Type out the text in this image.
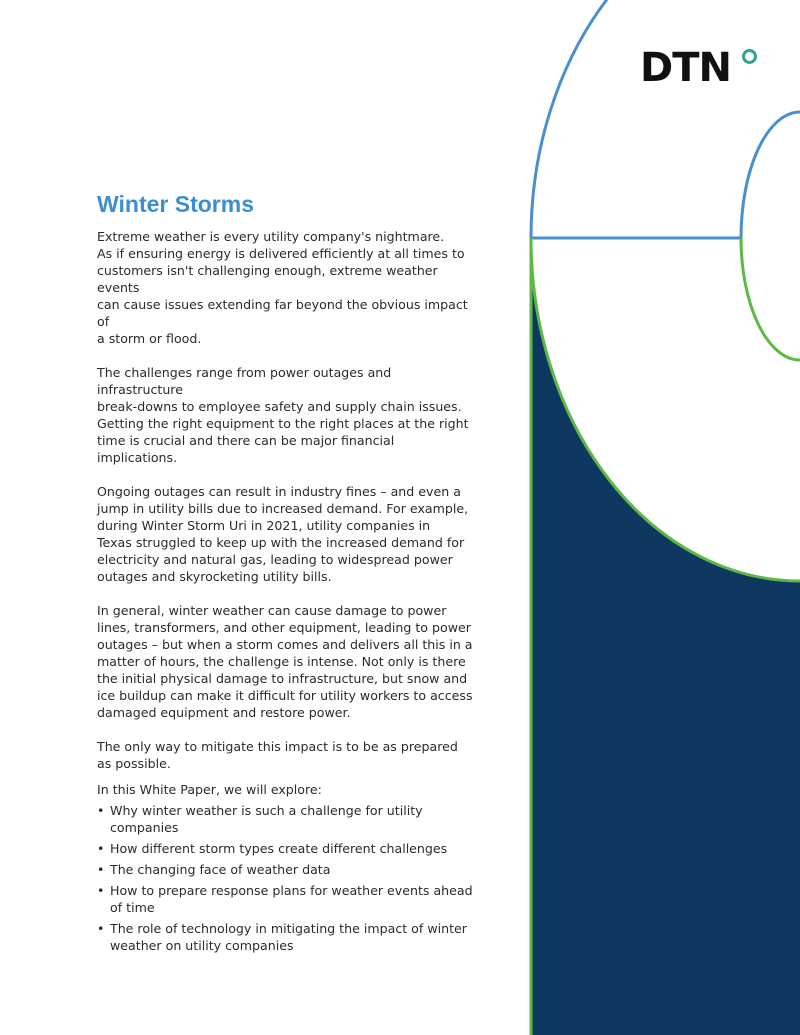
DTN
Winter Storms
Extreme weather is every utility company's nightmare.
As if ensuring energy is delivered efficiently at all times to
customers isn't challenging enough, extreme weather events
can cause issues extending far beyond the obvious impact of
a storm or flood.
The challenges range from power outages and infrastructure
break-downs to employee safety and supply chain issues.
Getting the right equipment to the right places at the right
time is crucial and there can be major financial implications.
Ongoing outages can result in industry fines – and even a
jump in utility bills due to increased demand. For example,
during Winter Storm Uri in 2021, utility companies in
Texas struggled to keep up with the increased demand for
electricity and natural gas, leading to widespread power
outages and skyrocketing utility bills.
In general, winter weather can cause damage to power
lines, transformers, and other equipment, leading to power
outages – but when a storm comes and delivers all this in a
matter of hours, the challenge is intense. Not only is there
the initial physical damage to infrastructure, but snow and
ice buildup can make it difficult for utility workers to access
damaged equipment and restore power.
The only way to mitigate this impact is to be as prepared
as possible.
In this White Paper, we will explore:
• Why winter weather is such a challenge for utility
companies
• How different storm types create different challenges
• The changing face of weather data
• How to prepare response plans for weather events ahead
of time
• The role of technology in mitigating the impact of winter
weather on utility companies
